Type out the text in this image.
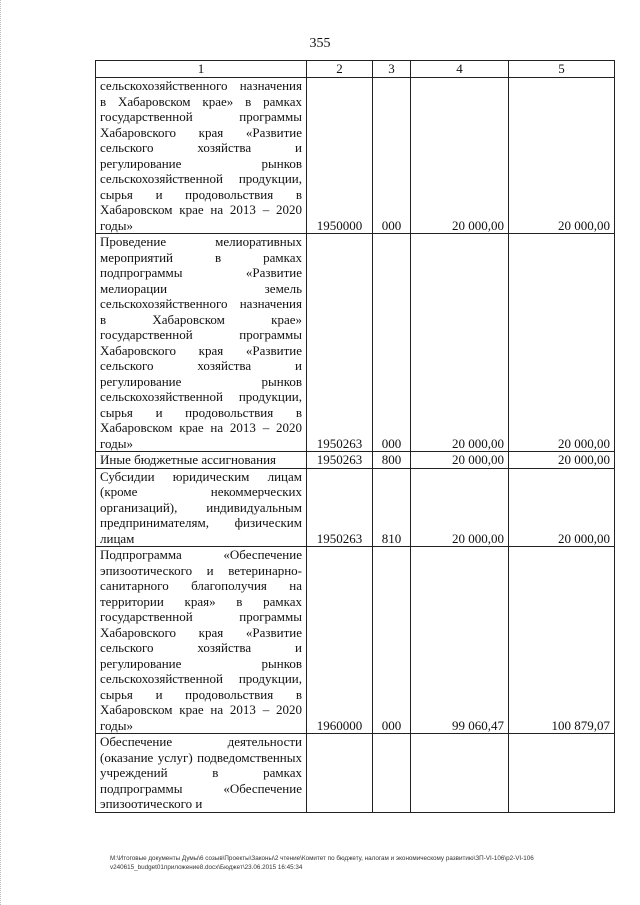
355
1	2	3	4	5
сельскохозяйственного назначения в Хабаровском крае» в рамках государственной программы Хабаровского края «Развитие сельского хозяйства и регулирование рынков сельскохозяйственной продукции, сырья и продовольствия в Хабаровском крае на 2013 – 2020 годы»	1950000	000	20 000,00	20 000,00
Проведение мелиоративных мероприятий в рамках подпрограммы «Развитие мелиорации земель сельскохозяйственного назначения в Хабаровском крае» государственной программы Хабаровского края «Развитие сельского хозяйства и регулирование рынков сельскохозяйственной продукции, сырья и продовольствия в Хабаровском крае на 2013 – 2020 годы»	1950263	000	20 000,00	20 000,00
Иные бюджетные ассигнования	1950263	800	20 000,00	20 000,00
Субсидии юридическим лицам (кроме некоммерческих организаций), индивидуальным предпринимателям, физическим лицам	1950263	810	20 000,00	20 000,00
Подпрограмма «Обеспечение эпизоотического и ветеринарно-санитарного благополучия на территории края» в рамках государственной программы Хабаровского края «Развитие сельского хозяйства и регулирование рынков сельскохозяйственной продукции, сырья и продовольствия в Хабаровском крае на 2013 – 2020 годы»	1960000	000	99 060,47	100 879,07
Обеспечение деятельности (оказание услуг) подведомственных учреждений в рамках подпрограммы «Обеспечение эпизоотического и				
M:\Итоговые документы Думы\6 созыв\Проекты\Законы\2 чтение\Комитет по бюджету, налогам и экономическому развитию\ЗП-VI-106\р2-VI-106 v240615_budget01приложение8.docx\Бюджет\23.06.2015 16:45:34
